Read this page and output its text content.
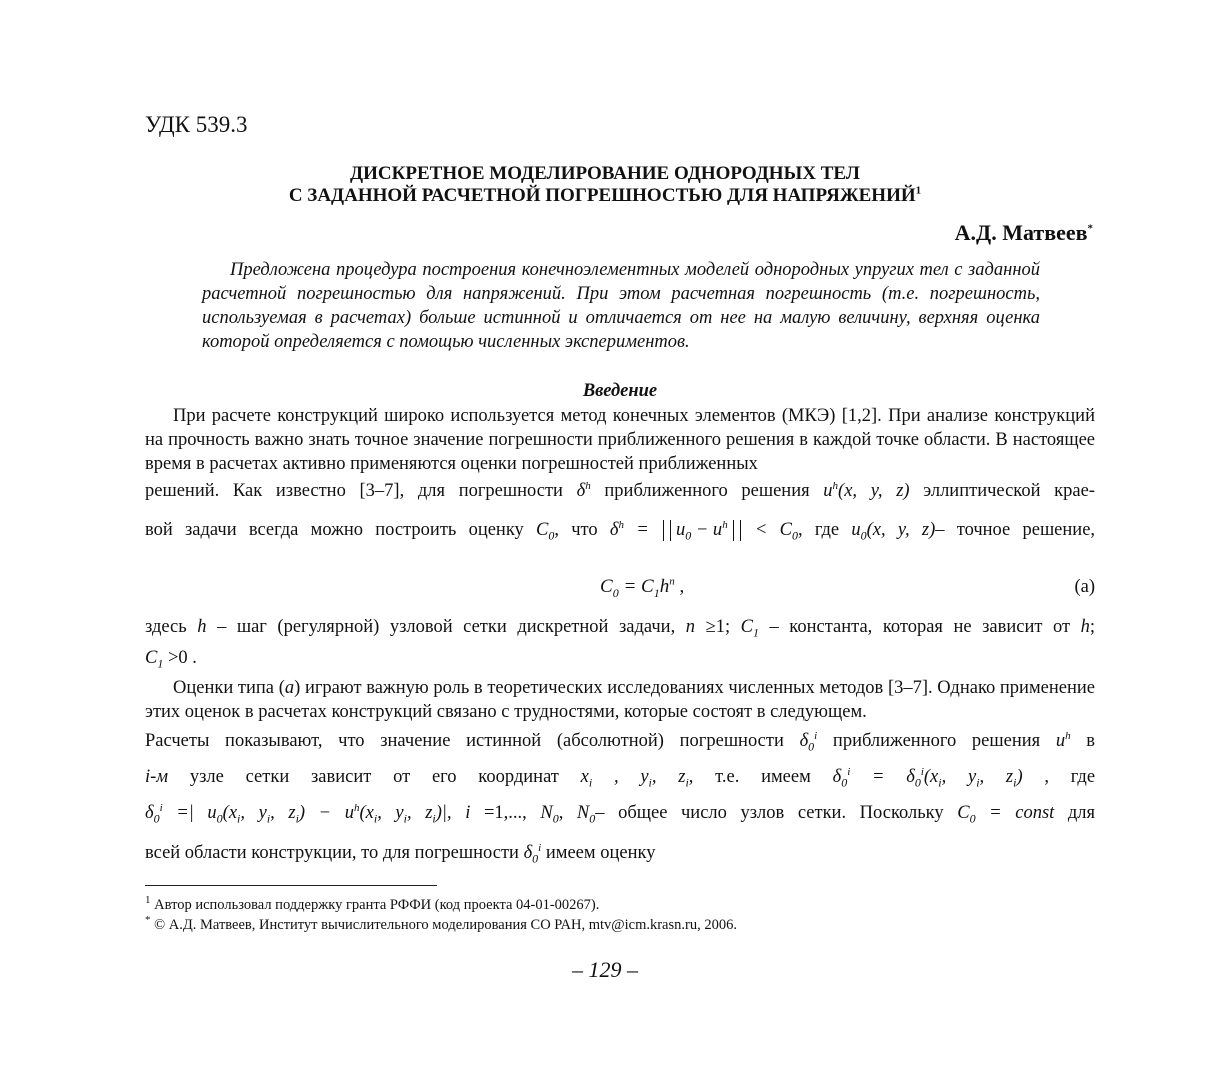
УДК 539.3
ДИСКРЕТНОЕ МОДЕЛИРОВАНИЕ ОДНОРОДНЫХ ТЕЛ
С ЗАДАННОЙ РАСЧЕТНОЙ ПОГРЕШНОСТЬЮ ДЛЯ НАПРЯЖЕНИЙ$^1$
А.Д. Матвеев*
Предложена процедура построения конечноэлементных моделей однородных упругих тел с заданной расчетной погрешностью для напряжений. При этом расчетная погрешность (т.е. погрешность, используемая в расчетах) больше истинной и отличается от нее на малую величину, верхняя оценка которой определяется с помощью численных экспериментов.
Введение
При расчете конструкций широко используется метод конечных элементов (МКЭ) [1,2]. При анализе конструкций на прочность важно знать точное значение погрешности приближенного решения в каждой точке области. В настоящее время в расчетах активно применяются оценки погрешностей приближенных
решений. Как известно [3–7], для погрешности $\delta^h$ приближенного решения $u^h(x$, y, z) эллиптической крае-
вой задачи всегда можно построить оценку $C_0$, что $\delta^h = u_0 - u^h < C_0$, где $u_0(x$, y, z)– точное решение,
$C_0 = C_1h^n$ ,	(a)
здесь h – шаг (регулярной) узловой сетки дискретной задачи, n ≥1; $C_1$ – константа, которая не зависит от h;
$C_1 >0$ .
Оценки типа (a) играют важную роль в теоретических исследованиях численных методов [3–7]. Однако применение этих оценок в расчетах конструкций связано с трудностями, которые состоят в следующем.
Расчеты показывают, что значение истинной (абсолютной) погрешности $\delta_0^i$ приближенного решения $u^h$ в
i-м узле сетки зависит от его координат $x_i$ , $y_i$, $z_i$, т.е. имеем $\delta_0^i = \delta_0^i(x_i$, $y_i$, $z_i$) , где
$\delta_0^i$ =| $u_0(x_i$, $y_i$, $z_i) - u^h(x_i$, $y_i$, $z_i)|$, i =1,..., $N_0$, $N_0-$ общее число узлов сетки. Поскольку $C_0$ = const для
всей области конструкции, то для погрешности $\delta_0^i$ имеем оценку
$^1$ Автор использовал поддержку гранта РФФИ (код проекта 04-01-00267).
* © А.Д. Матвеев, Институт вычислительного моделирования СО РАН, mtv@icm.krasn.ru, 2006.
– 129 –
